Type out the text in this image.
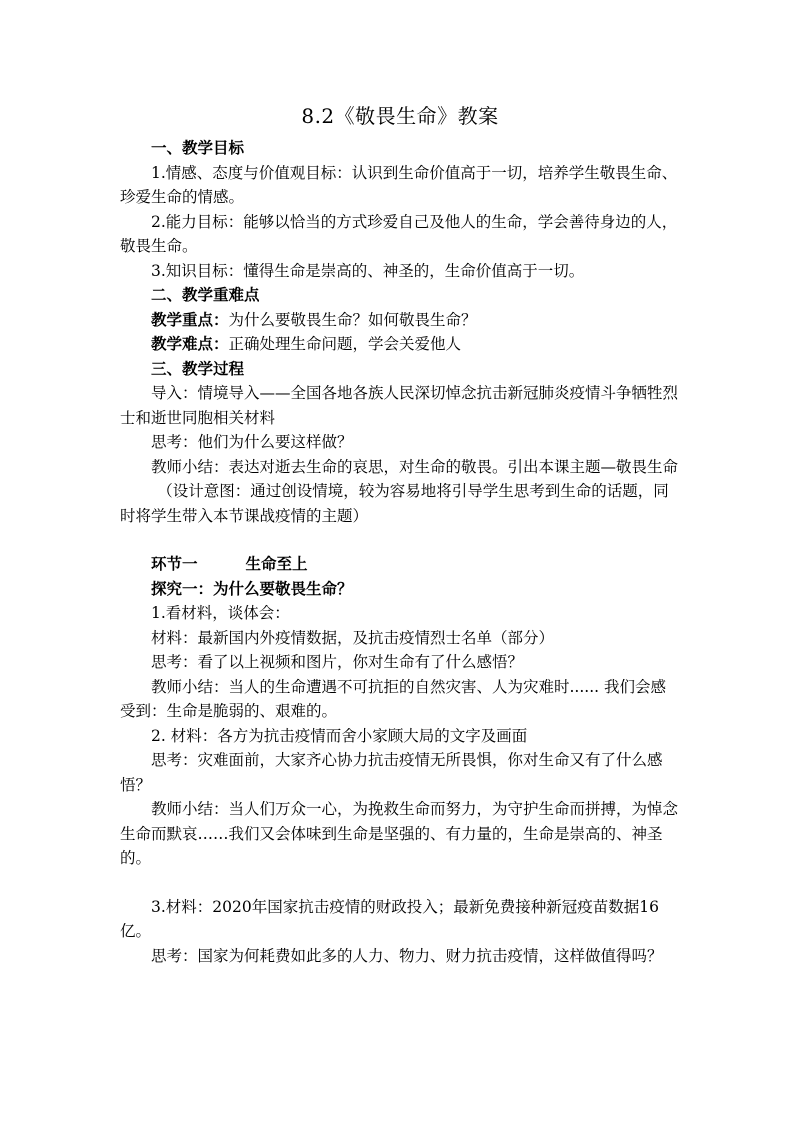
8.2《敬畏生命》教案
一、教学目标

1.情感、态度与价值观目标：认识到生命价值高于一切，培养学生敬畏生命、珍爱生命的情感。

2.能力目标：能够以恰当的方式珍爱自己及他人的生命，学会善待身边的人，敬畏生命。

3.知识目标：懂得生命是崇高的、神圣的，生命价值高于一切。

二、教学重难点

教学重点：为什么要敬畏生命？如何敬畏生命？

教学难点：正确处理生命问题，学会关爱他人

三、教学过程

导入：情境导入——全国各地各族人民深切悼念抗击新冠肺炎疫情斗争牺牲烈士和逝世同胞相关材料

思考：他们为什么要这样做？

教师小结：表达对逝去生命的哀思，对生命的敬畏。引出本课主题—敬畏生命

（设计意图：通过创设情境，较为容易地将引导学生思考到生命的话题，同时将学生带入本节课战疫情的主题）

环节一	生命至上
探究一：为什么要敬畏生命？

1.看材料，谈体会：

材料：最新国内外疫情数据，及抗击疫情烈士名单（部分）

思考：看了以上视频和图片，你对生命有了什么感悟？

教师小结：当人的生命遭遇不可抗拒的自然灾害、人为灾难时...... 我们会感受到：生命是脆弱的、艰难的。

2. 材料：各方为抗击疫情而舍小家顾大局的文字及画面

思考：灾难面前，大家齐心协力抗击疫情无所畏惧，你对生命又有了什么感悟？

教师小结：当人们万众一心，为挽救生命而努力，为守护生命而拼搏，为悼念生命而默哀……我们又会体味到生命是坚强的、有力量的，生命是崇高的、神圣的。

3.材料：2020年国家抗击疫情的财政投入；最新免费接种新冠疫苗数据16亿。

思考：国家为何耗费如此多的人力、物力、财力抗击疫情，这样做值得吗？
